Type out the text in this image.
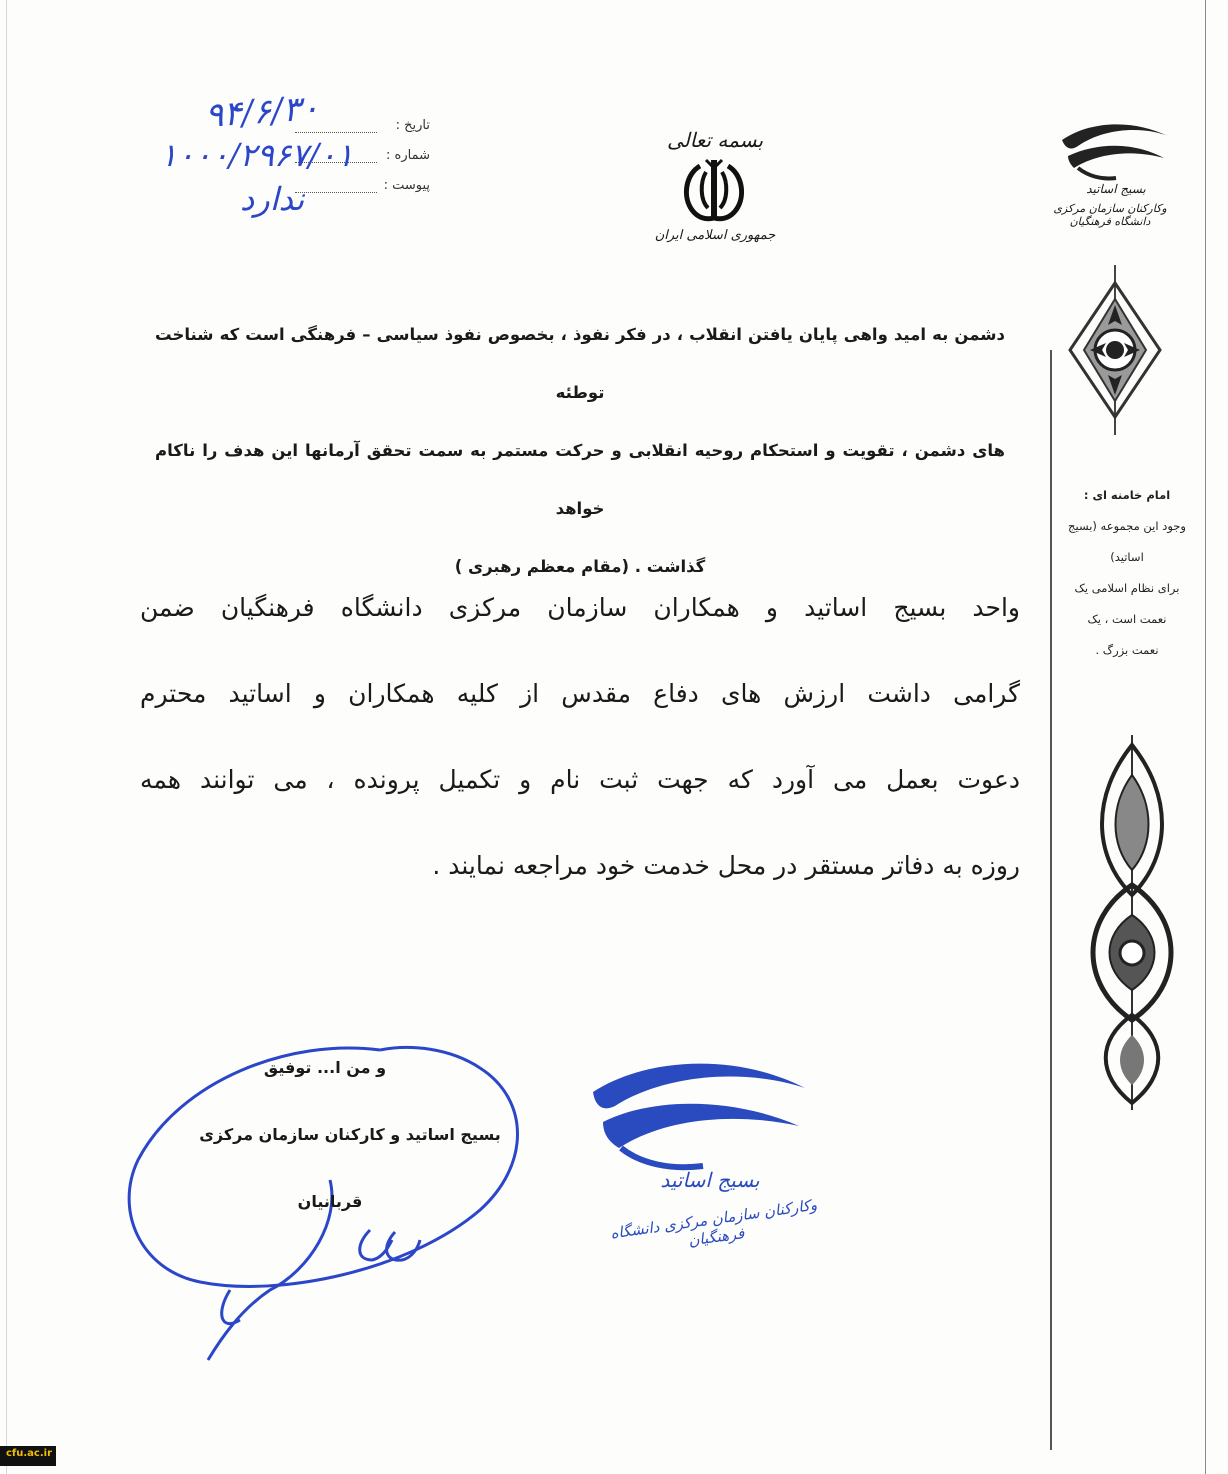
بسمه تعالی
جمهوری اسلامی ایران
تاریخ :
شماره :
پیوست :
۹۴/۶/۳۰
۱۰۰۰/۲۹۶۷/۰۱
ندارد	بسیج اساتید
وکارکنان سازمان مرکزی دانشگاه فرهنگیان
امام خامنه ای :
وجود این مجموعه (بسیج اساتید)
برای نظام اسلامی یک
نعمت است ، یک
نعمت بزرگ .
دشمن به امید واهی پایان یافتن انقلاب ، در فکر نفوذ ، بخصوص نفوذ سیاسی – فرهنگی است که شناخت توطئه
های دشمن ، تقویت و استحکام روحیه انقلابی و حرکت مستمر به سمت تحقق آرمانها این هدف را ناکام خواهد
گذاشت . (مقام معظم رهبری )
واحد بسیج اساتید و همکاران سازمان مرکزی دانشگاه فرهنگیان ضمن
گرامی داشت ارزش های دفاع مقدس از کلیه همکاران و اساتید محترم
دعوت بعمل می آورد که جهت ثبت نام و تکمیل پرونده ، می توانند همه
روزه به دفاتر مستقر در محل خدمت خود مراجعه نمایند .
و من ا... توفیق
بسیج اساتید و کارکنان سازمان مرکزی
قربانیان
بسیج اساتید
وکارکنان سازمان مرکزی دانشگاه فرهنگیان
cfu.ac.ir
